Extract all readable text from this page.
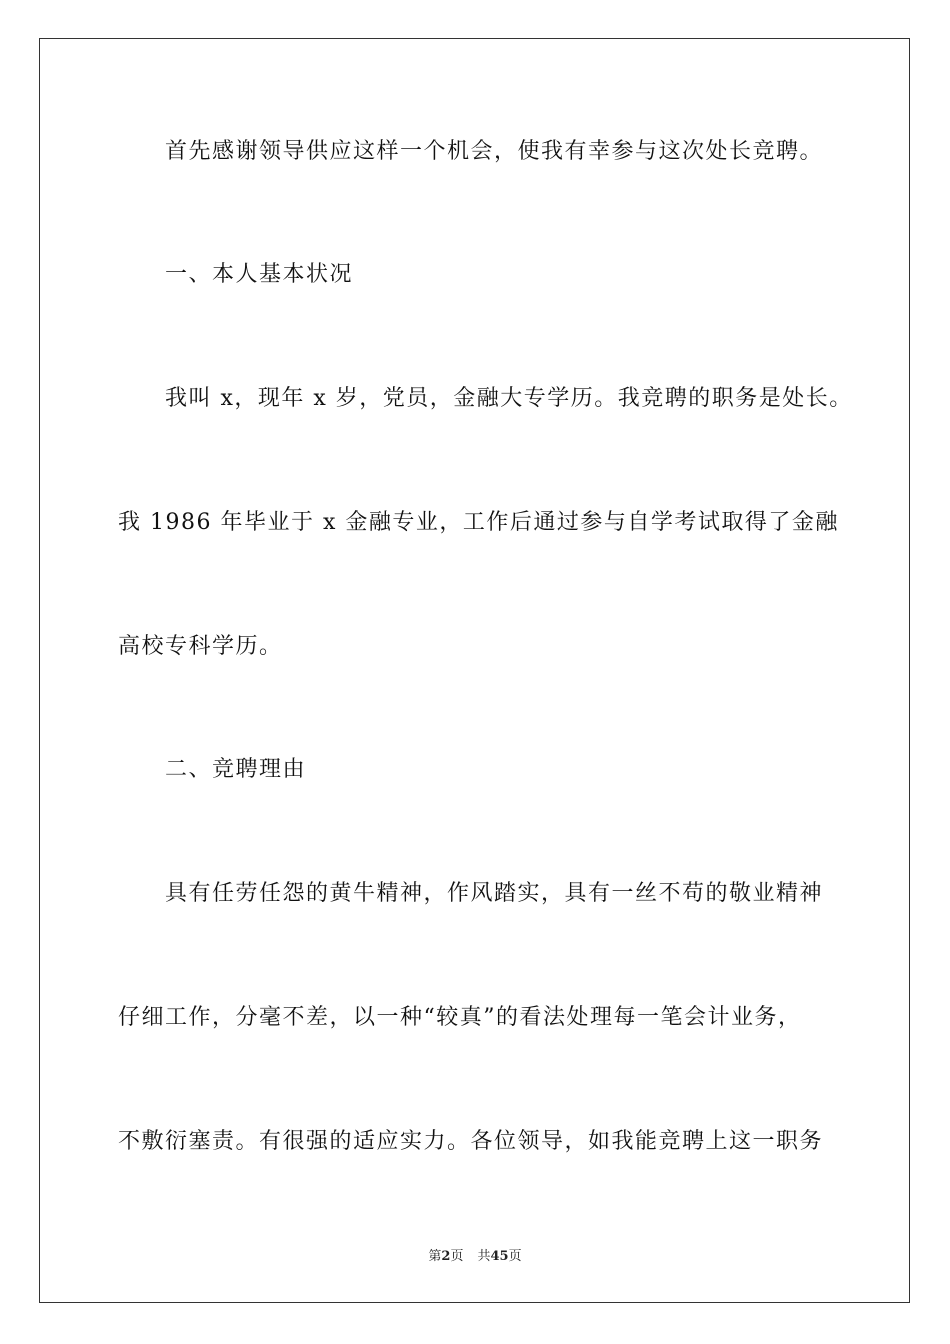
首先感谢领导供应这样一个机会，使我有幸参与这次处长竞聘。
一、本人基本状况
我叫 x，现年 x 岁，党员，金融大专学历。我竞聘的职务是处长。
我 1986 年毕业于 x 金融专业，工作后通过参与自学考试取得了金融
高校专科学历。
二、竞聘理由
具有任劳任怨的黄牛精神，作风踏实，具有一丝不苟的敬业精神
仔细工作，分毫不差，以一种“较真”的看法处理每一笔会计业务，
不敷衍塞责。有很强的适应实力。各位领导，如我能竞聘上这一职务
第2页 共45页
